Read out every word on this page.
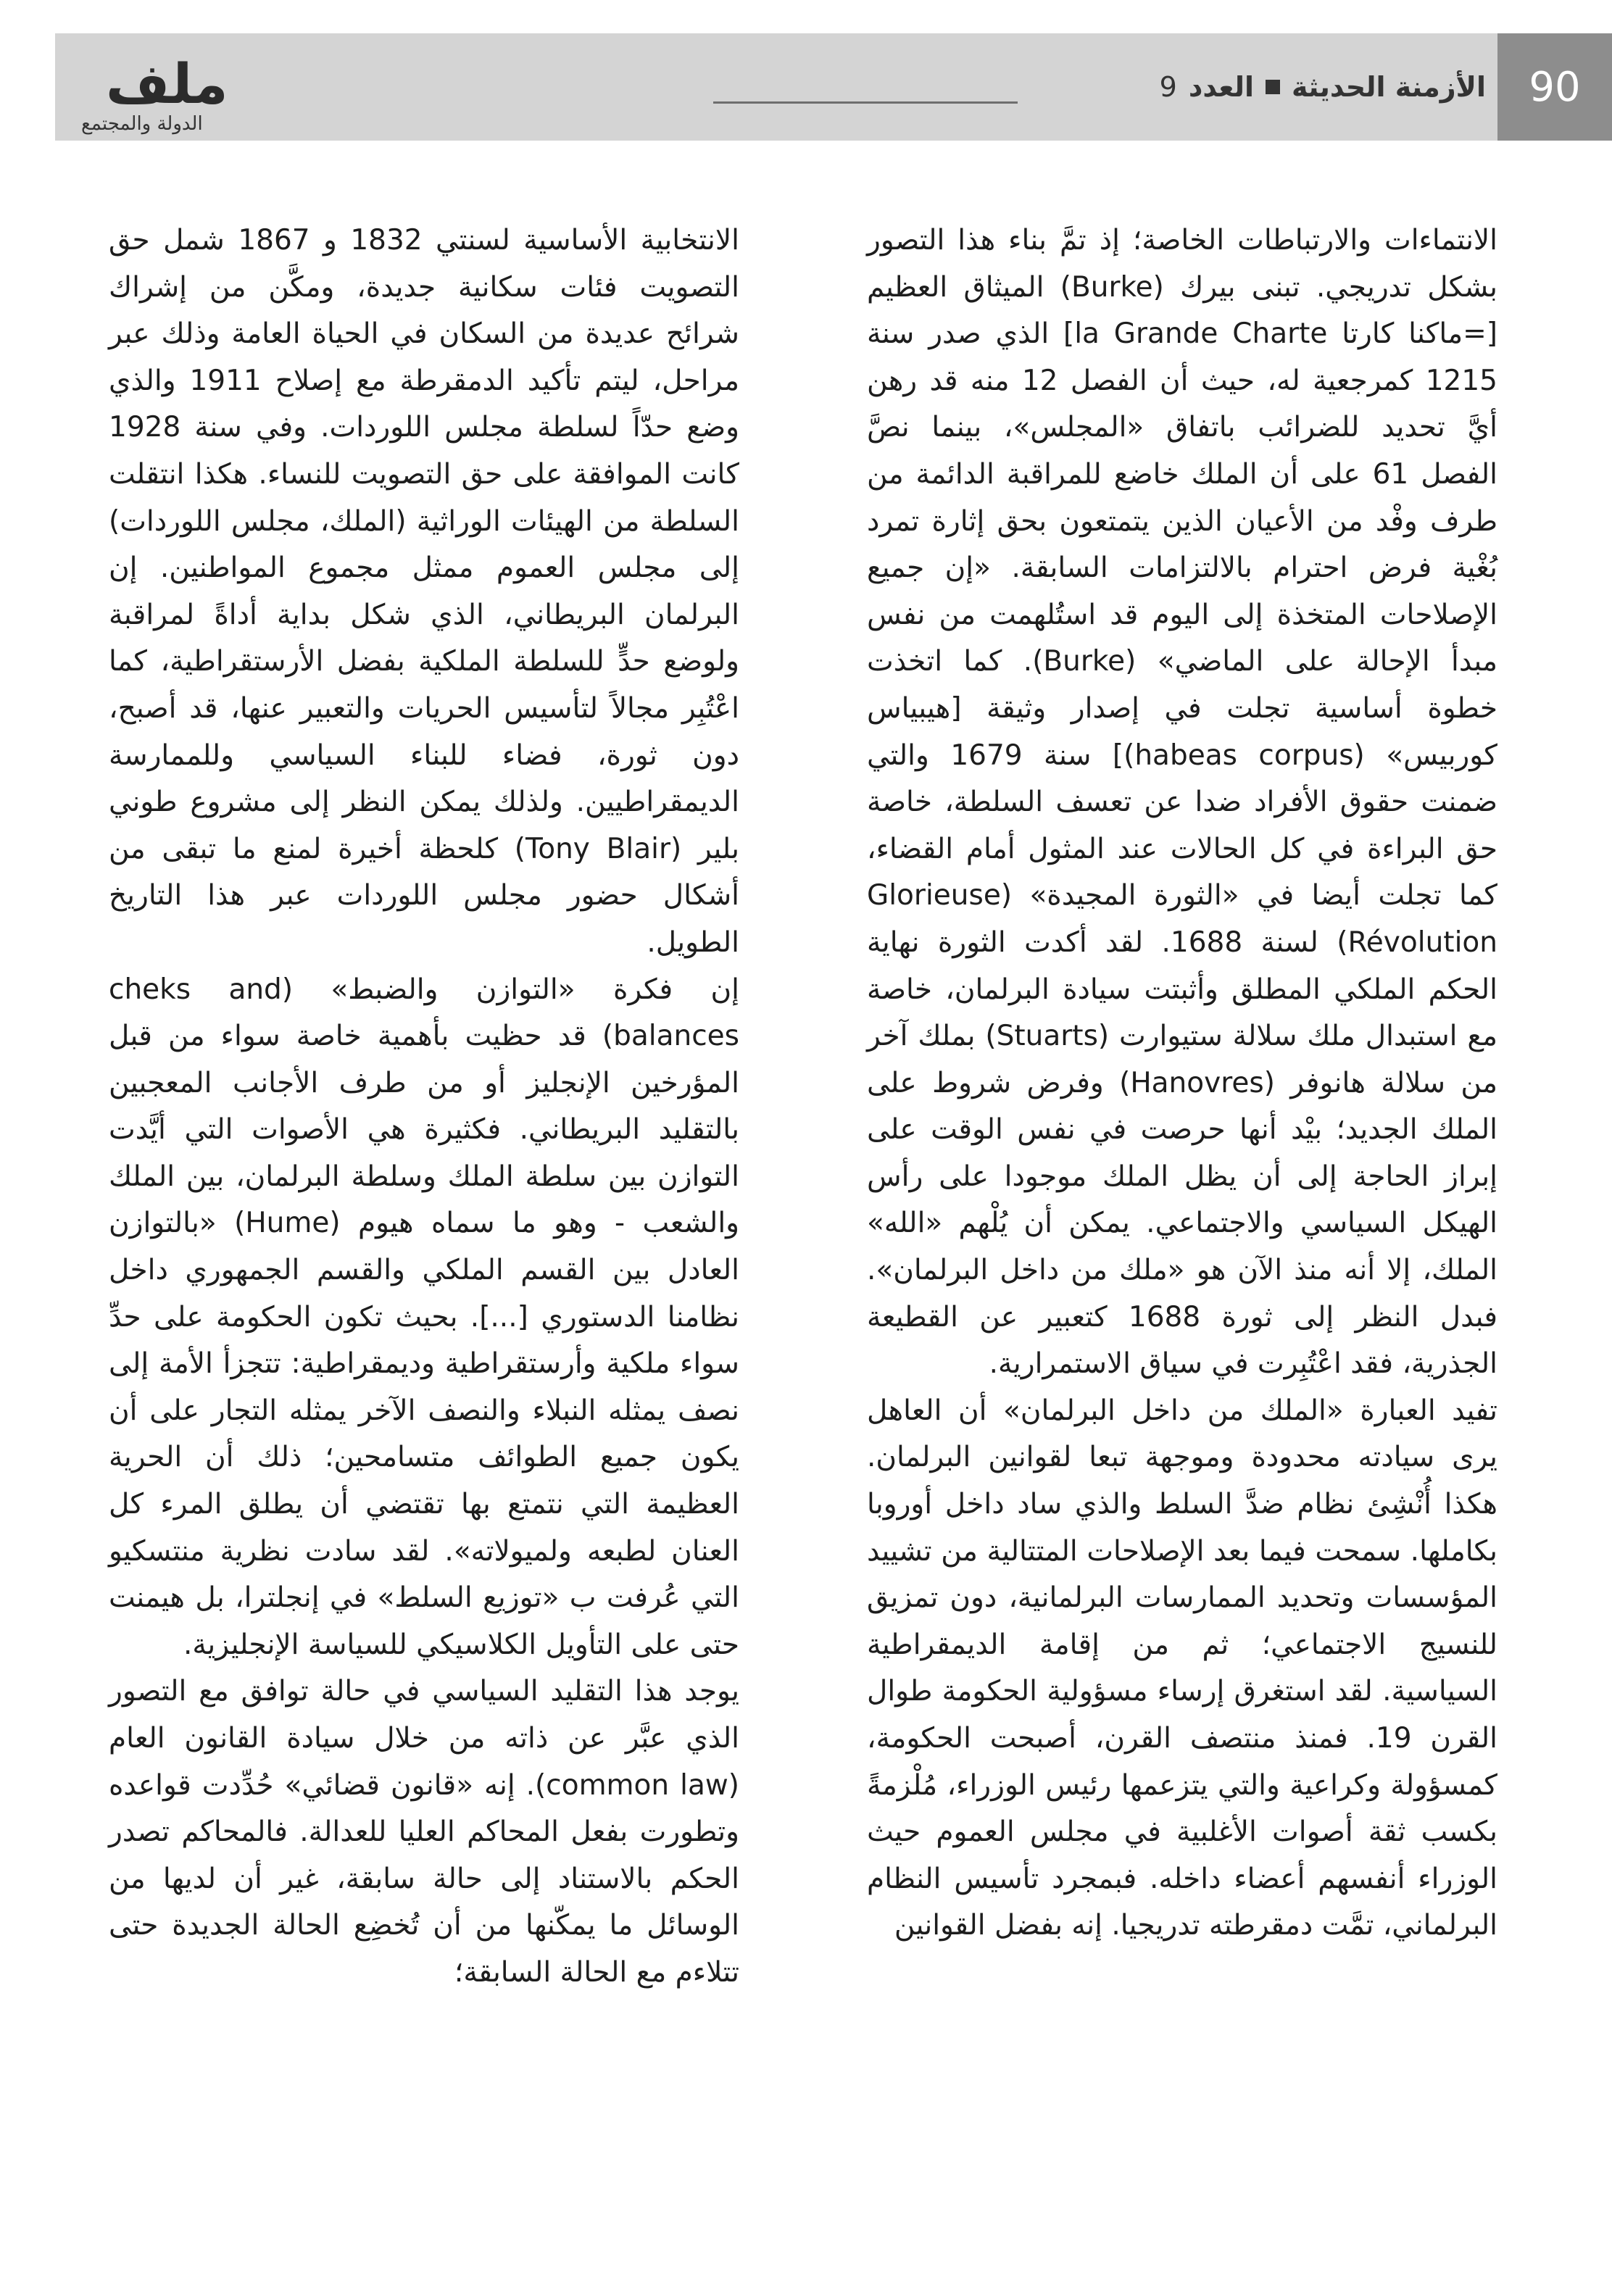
90
الأزمنة الحديثة
العدد
9
ملف
الدولة والمجتمع

الانتماءات والارتباطات الخاصة؛ إذ تمَّ بناء هذا التصور بشكل تدريجي. تبنى بيرك (Burke) الميثاق العظيم [=ماكنا كارتا la Grande Charte] الذي صدر سنة 1215 كمرجعية له، حيث أن الفصل 12 منه قد رهن أيَّ تحديد للضرائب باتفاق «المجلس»، بينما نصَّ الفصل 61 على أن الملك خاضع للمراقبة الدائمة من طرف وفْد من الأعيان الذين يتمتعون بحق إثارة تمرد بُغْية فرض احترام بالالتزامات السابقة. «إن جميع الإصلاحات المتخذة إلى اليوم قد استُلهمت من نفس مبدأ الإحالة على الماضي» (Burke). كما اتخذت خطوة أساسية تجلت في إصدار وثيقة [هيبياس كوربيس» (habeas corpus)] سنة 1679 والتي ضمنت حقوق الأفراد ضدا عن تعسف السلطة، خاصة حق البراءة في كل الحالات عند المثول أمام القضاء، كما تجلت أيضا في «الثورة المجيدة» (Glorieuse Révolution) لسنة 1688. لقد أكدت الثورة نهاية الحكم الملكي المطلق وأثبتت سيادة البرلمان، خاصة مع استبدال ملك سلالة ستيوارت (Stuarts) بملك آخر من سلالة هانوفر (Hanovres) وفرض شروط على الملك الجديد؛ بيْد أنها حرصت في نفس الوقت على إبراز الحاجة إلى أن يظل الملك موجودا على رأس الهيكل السياسي والاجتماعي. يمكن أن يُلْهم «الله» الملك، إلا أنه منذ الآن هو «ملك من داخل البرلمان». فبدل النظر إلى ثورة 1688 كتعبير عن القطيعة الجذرية، فقد اعْتُبِرت في سياق الاستمرارية.

تفيد العبارة «الملك من داخل البرلمان» أن العاهل يرى سيادته محدودة وموجهة تبعا لقوانين البرلمان. هكذا أُنْشِئ نظام ضدَّ السلط والذي ساد داخل أوروبا بكاملها. سمحت فيما بعد الإصلاحات المتتالية من تشييد المؤسسات وتحديد الممارسات البرلمانية، دون تمزيق للنسيج الاجتماعي؛ ثم من إقامة الديمقراطية السياسية. لقد استغرق إرساء مسؤولية الحكومة طوال القرن 19. فمنذ منتصف القرن، أصبحت الحكومة، كمسؤولة وكراعية والتي يتزعمها رئيس الوزراء، مُلْزمةً بكسب ثقة أصوات الأغلبية في مجلس العموم حيث الوزراء أنفسهم أعضاء داخله. فبمجرد تأسيس النظام البرلماني، تمَّت دمقرطته تدريجيا. إنه بفضل القوانين

الانتخابية الأساسية لسنتي 1832 و 1867 شمل حق التصويت فئات سكانية جديدة، ومكَّن من إشراك شرائح عديدة من السكان في الحياة العامة وذلك عبر مراحل، ليتم تأكيد الدمقرطة مع إصلاح 1911 والذي وضع حدّاً لسلطة مجلس اللوردات. وفي سنة 1928 كانت الموافقة على حق التصويت للنساء. هكذا انتقلت السلطة من الهيئات الوراثية (الملك، مجلس اللوردات) إلى مجلس العموم ممثل مجموع المواطنين. إن البرلمان البريطاني، الذي شكل بداية أداةً لمراقبة ولوضع حدٍّ للسلطة الملكية بفضل الأرستقراطية، كما اعْتُبِر مجالاً لتأسيس الحريات والتعبير عنها، قد أصبح، دون ثورة، فضاء للبناء السياسي وللممارسة الديمقراطيين. ولذلك يمكن النظر إلى مشروع طوني بلير (Tony Blair) كلحظة أخيرة لمنع ما تبقى من أشكال حضور مجلس اللوردات عبر هذا التاريخ الطويل.

إن فكرة «التوازن والضبط» (cheks and balances) قد حظيت بأهمية خاصة سواء من قبل المؤرخين الإنجليز أو من طرف الأجانب المعجبين بالتقليد البريطاني. فكثيرة هي الأصوات التي أيَّدت التوازن بين سلطة الملك وسلطة البرلمان، بين الملك والشعب - وهو ما سماه هيوم (Hume) «بالتوازن العادل بين القسم الملكي والقسم الجمهوري داخل نظامنا الدستوري [...]. بحيث تكون الحكومة على حدِّ سواء ملكية وأرستقراطية وديمقراطية: تتجزأ الأمة إلى نصف يمثله النبلاء والنصف الآخر يمثله التجار على أن يكون جميع الطوائف متسامحين؛ ذلك أن الحرية العظيمة التي نتمتع بها تقتضي أن يطلق المرء كل العنان لطبعه ولميولاته». لقد سادت نظرية منتسكيو التي عُرفت ب «توزيع السلط» في إنجلترا، بل هيمنت حتى على التأويل الكلاسيكي للسياسة الإنجليزية.

يوجد هذا التقليد السياسي في حالة توافق مع التصور الذي عبَّر عن ذاته من خلال سيادة القانون العام (common law). إنه «قانون قضائي» حُدِّدت قواعده وتطورت بفعل المحاكم العليا للعدالة. فالمحاكم تصدر الحكم بالاستناد إلى حالة سابقة، غير أن لديها من الوسائل ما يمكّنها من أن تُخضِع الحالة الجديدة حتى تتلاءم مع الحالة السابقة؛
